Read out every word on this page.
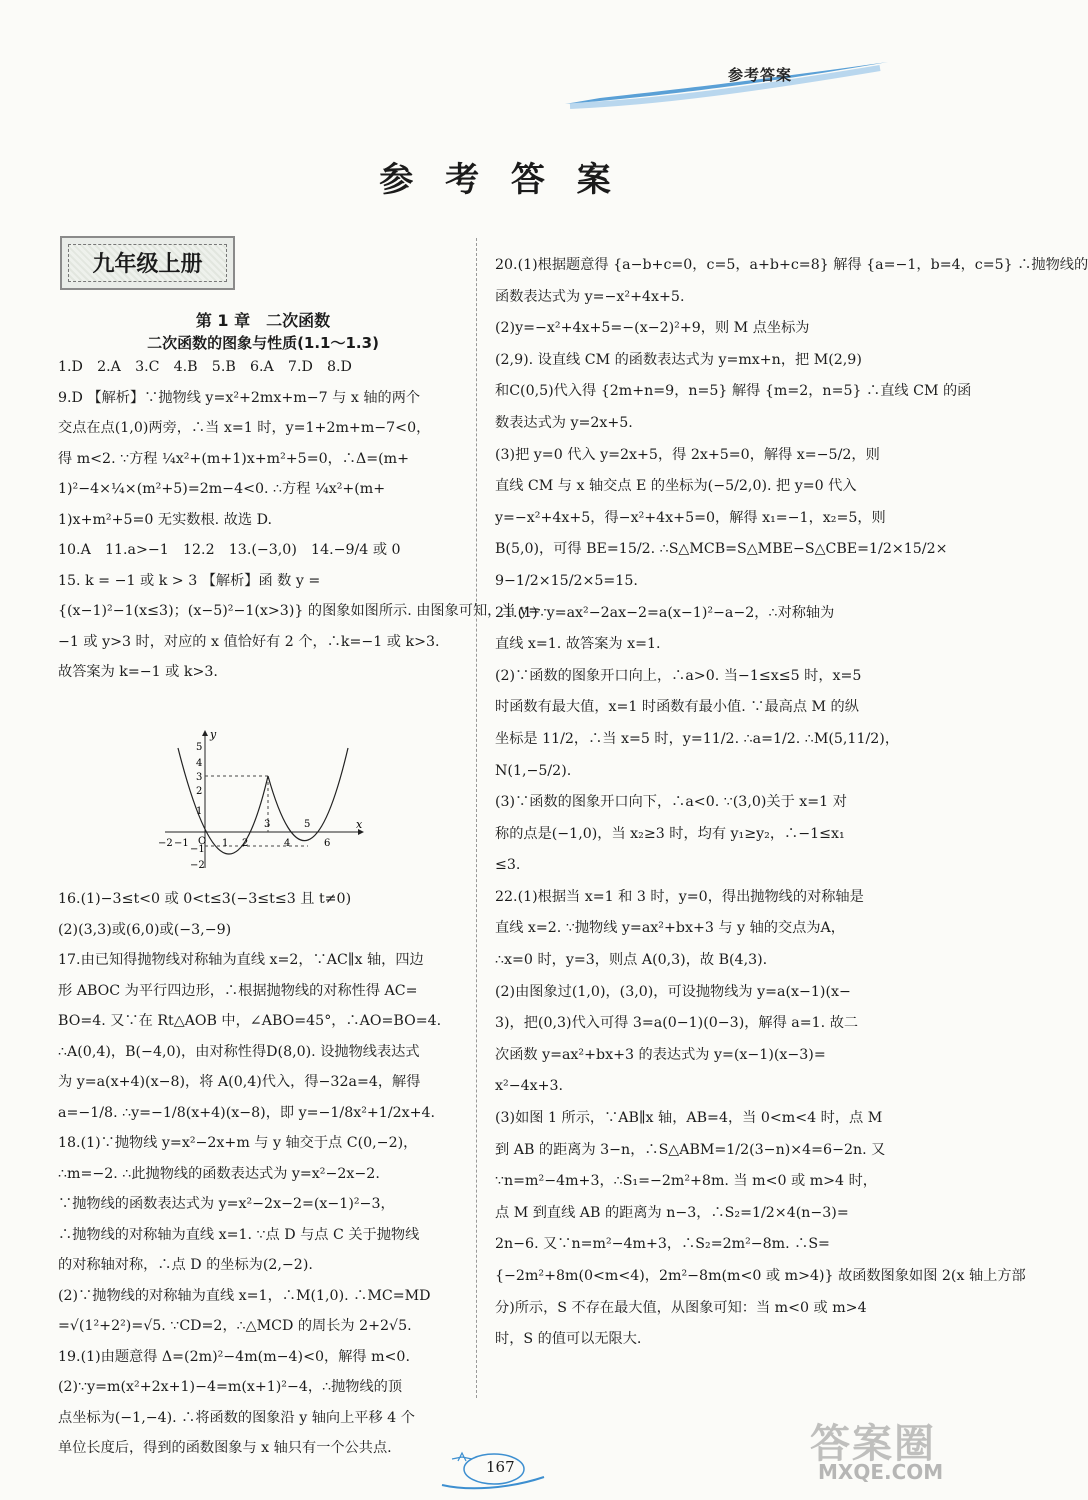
参考答案
参 考 答 案
九年级上册
第 1 章　二次函数
二次函数的图象与性质(1.1～1.3)

1.D　2.A　3.C　4.B　5.B　6.A　7.D　8.D

9.D 【解析】∵抛物线 y=x²+2mx+m−7 与 x 轴的两个

交点在点(1,0)两旁，∴当 x=1 时，y=1+2m+m−7<0，

得 m<2. ∵方程 ¼x²+(m+1)x+m²+5=0，∴Δ=(m+

1)²−4×¼×(m²+5)=2m−4<0. ∴方程 ¼x²+(m+

1)x+m²+5=0 无实数根. 故选 D.

10.A　11.a>−1　12.2　13.(−3,0)　14.−9/4 或 0

15. k = −1 或 k > 3 【解析】函 数 y =

{(x−1)²−1(x≤3)；(x−5)²−1(x>3)} 的图象如图所示. 由图象可知，当 y=

−1 或 y>3 时，对应的 x 值恰好有 2 个，∴k=−1 或 k>3.

故答案为 k=−1 或 k>3.

x
y
O
−2 −1	1 2
3
4
5
6
5
4
3
2
1
−1
−2

16.(1)−3≤t<0 或 0<t≤3(−3≤t≤3 且 t≠0)

(2)(3,3)或(6,0)或(−3,−9)

17.由已知得抛物线对称轴为直线 x=2，∵AC∥x 轴，四边

形 ABOC 为平行四边形，∴根据抛物线的对称性得 AC=

BO=4. 又∵在 Rt△AOB 中，∠ABO=45°，∴AO=BO=4.

∴A(0,4)，B(−4,0)，由对称性得D(8,0). 设抛物线表达式

为 y=a(x+4)(x−8)，将 A(0,4)代入，得−32a=4，解得

a=−1/8. ∴y=−1/8(x+4)(x−8)，即 y=−1/8x²+1/2x+4.

18.(1)∵抛物线 y=x²−2x+m 与 y 轴交于点 C(0,−2)，

∴m=−2. ∴此抛物线的函数表达式为 y=x²−2x−2.

∵抛物线的函数表达式为 y=x²−2x−2=(x−1)²−3，

∴抛物线的对称轴为直线 x=1. ∵点 D 与点 C 关于抛物线

的对称轴对称，∴点 D 的坐标为(2,−2).

(2)∵抛物线的对称轴为直线 x=1，∴M(1,0). ∴MC=MD

=√(1²+2²)=√5. ∵CD=2，∴△MCD 的周长为 2+2√5.

19.(1)由题意得 Δ=(2m)²−4m(m−4)<0，解得 m<0.

(2)∵y=m(x²+2x+1)−4=m(x+1)²−4，∴抛物线的顶

点坐标为(−1,−4). ∴将函数的图象沿 y 轴向上平移 4 个

单位长度后，得到的函数图象与 x 轴只有一个公共点.

20.(1)根据题意得 {a−b+c=0，c=5，a+b+c=8} 解得 {a=−1，b=4，c=5} ∴抛物线的

函数表达式为 y=−x²+4x+5.

(2)y=−x²+4x+5=−(x−2)²+9，则 M 点坐标为

(2,9). 设直线 CM 的函数表达式为 y=mx+n，把 M(2,9)

和C(0,5)代入得 {2m+n=9，n=5} 解得 {m=2，n=5} ∴直线 CM 的函

数表达式为 y=2x+5.

(3)把 y=0 代入 y=2x+5，得 2x+5=0，解得 x=−5/2，则

直线 CM 与 x 轴交点 E 的坐标为(−5/2,0). 把 y=0 代入

y=−x²+4x+5，得−x²+4x+5=0，解得 x₁=−1，x₂=5，则

B(5,0)，可得 BE=15/2. ∴S△MCB=S△MBE−S△CBE=1/2×15/2×

9−1/2×15/2×5=15.

21.(1)∵y=ax²−2ax−2=a(x−1)²−a−2，∴对称轴为

直线 x=1. 故答案为 x=1.

(2)∵函数的图象开口向上，∴a>0. 当−1≤x≤5 时，x=5

时函数有最大值，x=1 时函数有最小值. ∵最高点 M 的纵

坐标是 11/2，∴当 x=5 时，y=11/2. ∴a=1/2. ∴M(5,11/2)，

N(1,−5/2).

(3)∵函数的图象开口向下，∴a<0. ∵(3,0)关于 x=1 对

称的点是(−1,0)，当 x₂≥3 时，均有 y₁≥y₂，∴−1≤x₁

≤3.

22.(1)根据当 x=1 和 3 时，y=0，得出抛物线的对称轴是

直线 x=2. ∵抛物线 y=ax²+bx+3 与 y 轴的交点为A，

∴x=0 时，y=3，则点 A(0,3)，故 B(4,3).

(2)由图象过(1,0)，(3,0)，可设抛物线为 y=a(x−1)(x−

3)，把(0,3)代入可得 3=a(0−1)(0−3)，解得 a=1. 故二

次函数 y=ax²+bx+3 的表达式为 y=(x−1)(x−3)=

x²−4x+3.

(3)如图 1 所示，∵AB∥x 轴，AB=4，当 0<m<4 时，点 M

到 AB 的距离为 3−n，∴S△ABM=1/2(3−n)×4=6−2n. 又

∵n=m²−4m+3，∴S₁=−2m²+8m. 当 m<0 或 m>4 时，

点 M 到直线 AB 的距离为 n−3，∴S₂=1/2×4(n−3)=

2n−6. 又∵n=m²−4m+3，∴S₂=2m²−8m. ∴S=

{−2m²+8m(0<m<4)，2m²−8m(m<0 或 m>4)} 故函数图象如图 2(x 轴上方部

分)所示，S 不存在最大值，从图象可知：当 m<0 或 m>4

时，S 的值可以无限大.

167	答案圈
MXQE.COM
